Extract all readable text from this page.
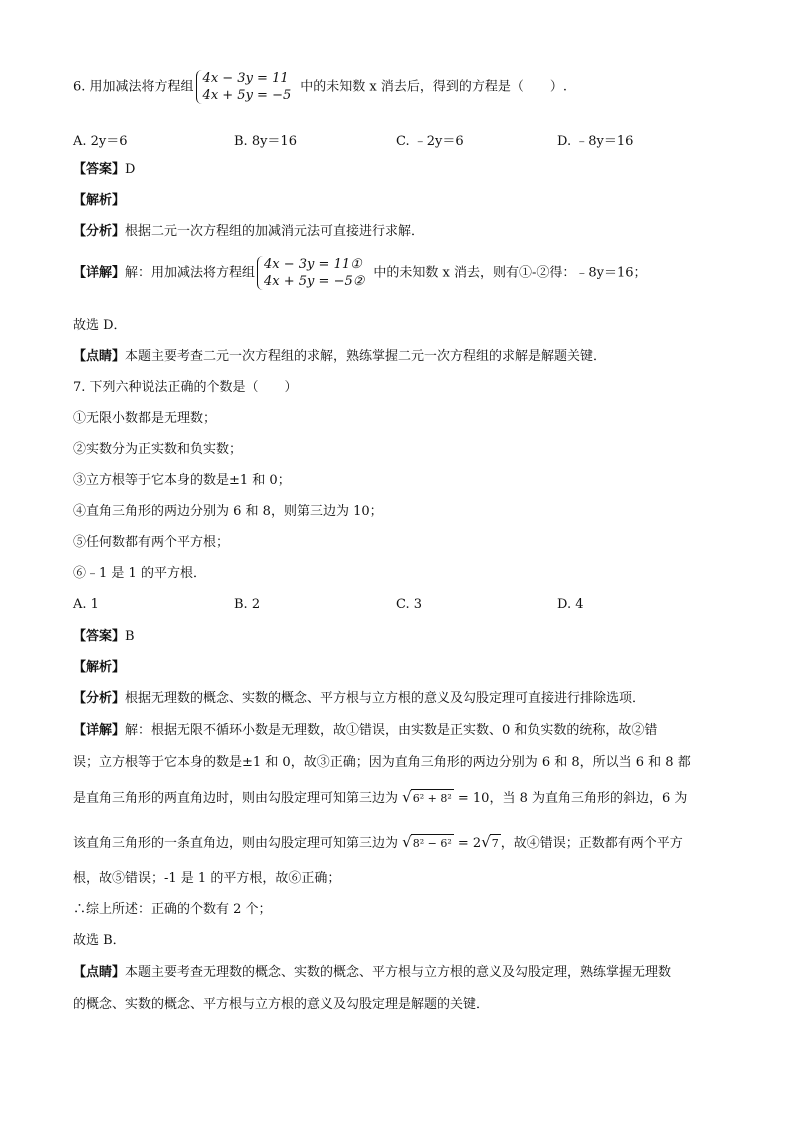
6. 用加减法将方程组
4x − 3y = 11
4x + 5y = −5
中的未知数 x 消去后，得到的方程是（　　）.
A. 2y＝6	B. 8y＝16	C. ﹣2y＝6	D. ﹣8y＝16
【答案】D
【解析】
【分析】根据二元一次方程组的加减消元法可直接进行求解．
【详解】解：用加减法将方程组
4x − 3y = 11①
4x + 5y = −5②
中的未知数 x 消去，则有①-②得：﹣8y＝16；
故选 D．
【点睛】本题主要考查二元一次方程组的求解，熟练掌握二元一次方程组的求解是解题关键．
7. 下列六种说法正确的个数是（　　）
①无限小数都是无理数；
②实数分为正实数和负实数；
③立方根等于它本身的数是±1 和 0；
④直角三角形的两边分别为 6 和 8，则第三边为 10；
⑤任何数都有两个平方根；
⑥﹣1 是 1 的平方根．
A. 1	B. 2	C. 3	D. 4
【答案】B
【解析】
【分析】根据无理数的概念、实数的概念、平方根与立方根的意义及勾股定理可直接进行排除选项．
【详解】解：根据无限不循环小数是无理数，故①错误，由实数是正实数、0 和负实数的统称，故②错
误；立方根等于它本身的数是±1 和 0，故③正确；因为直角三角形的两边分别为 6 和 8，所以当 6 和 8 都
是直角三角形的两直角边时，则由勾股定理可知第三边为 √6² + 8² = 10，当 8 为直角三角形的斜边，6 为
该直角三角形的一条直角边，则由勾股定理可知第三边为 √8² − 6² = 2√7 ，故④错误；正数都有两个平方
根，故⑤错误；-1 是 1 的平方根，故⑥正确；
∴综上所述：正确的个数有 2 个；
故选 B．
【点睛】本题主要考查无理数的概念、实数的概念、平方根与立方根的意义及勾股定理，熟练掌握无理数
的概念、实数的概念、平方根与立方根的意义及勾股定理是解题的关键．
